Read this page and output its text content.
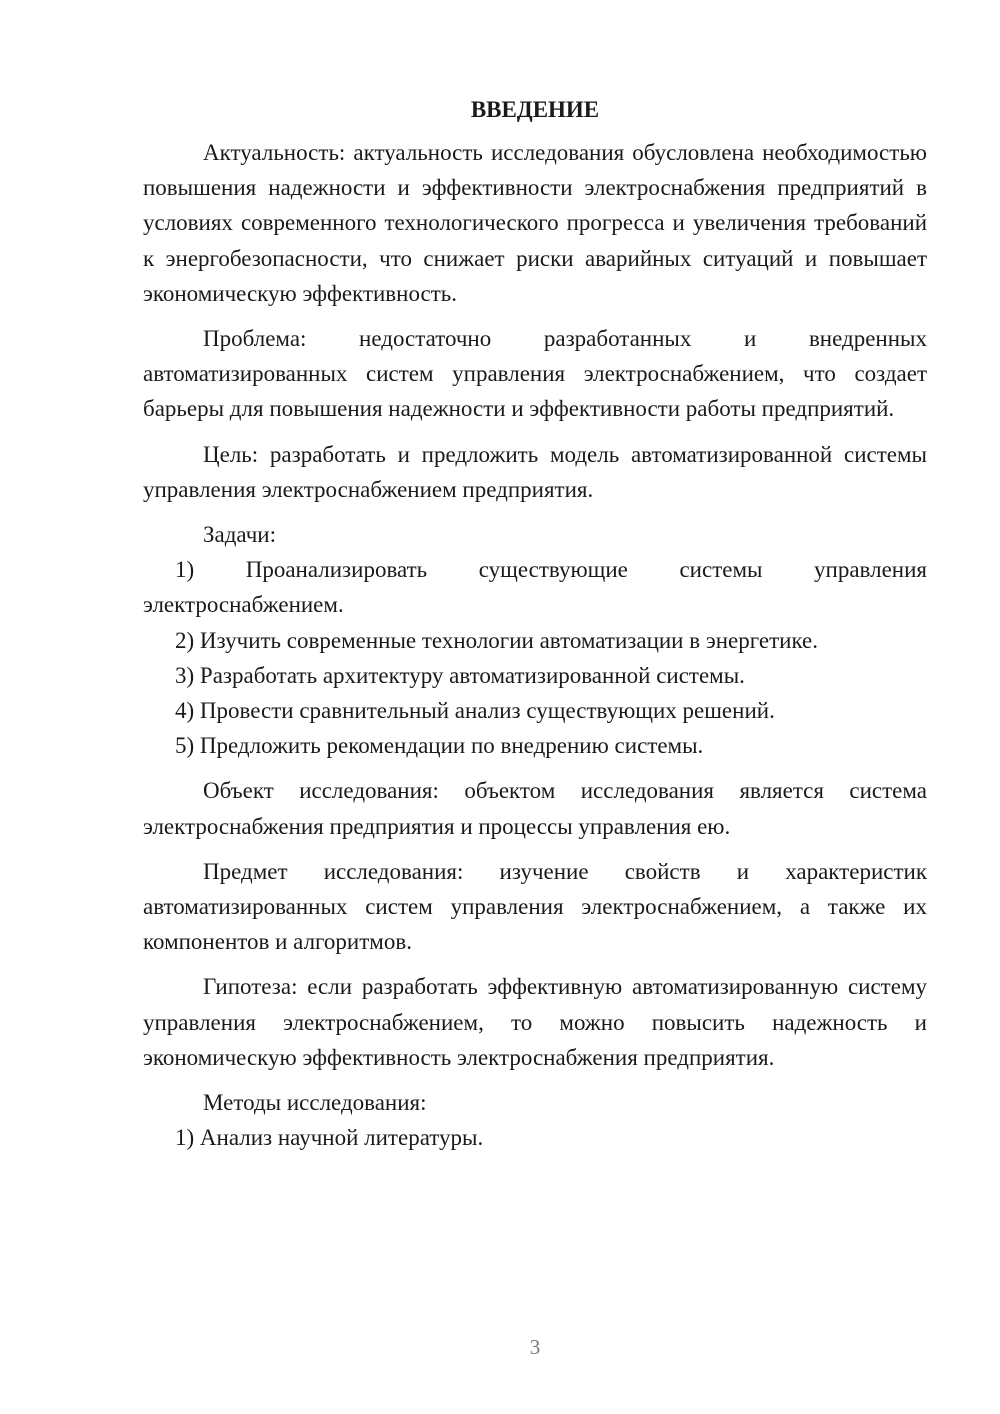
ВВЕДЕНИЕ

Актуальность: актуальность исследования обусловлена необходимостью повышения надежности и эффективности электроснабжения предприятий в условиях современного технологического прогресса и увеличения требований к энергобезопасности, что снижает риски аварийных ситуаций и повышает экономическую эффективность.

Проблема: недостаточно разработанных и внедренных автоматизированных систем управления электроснабжением, что создает барьеры для повышения надежности и эффективности работы предприятий.

Цель: разработать и предложить модель автоматизированной системы управления электроснабжением предприятия.

Задачи:

1) Проанализировать существующие системы управления электроснабжением.

2) Изучить современные технологии автоматизации в энергетике.

3) Разработать архитектуру автоматизированной системы.

4) Провести сравнительный анализ существующих решений.

5) Предложить рекомендации по внедрению системы.

Объект исследования: объектом исследования является система электроснабжения предприятия и процессы управления ею.

Предмет исследования: изучение свойств и характеристик автоматизированных систем управления электроснабжением, а также их компонентов и алгоритмов.

Гипотеза: если разработать эффективную автоматизированную систему управления электроснабжением, то можно повысить надежность и экономическую эффективность электроснабжения предприятия.

Методы исследования:

1) Анализ научной литературы.

3
